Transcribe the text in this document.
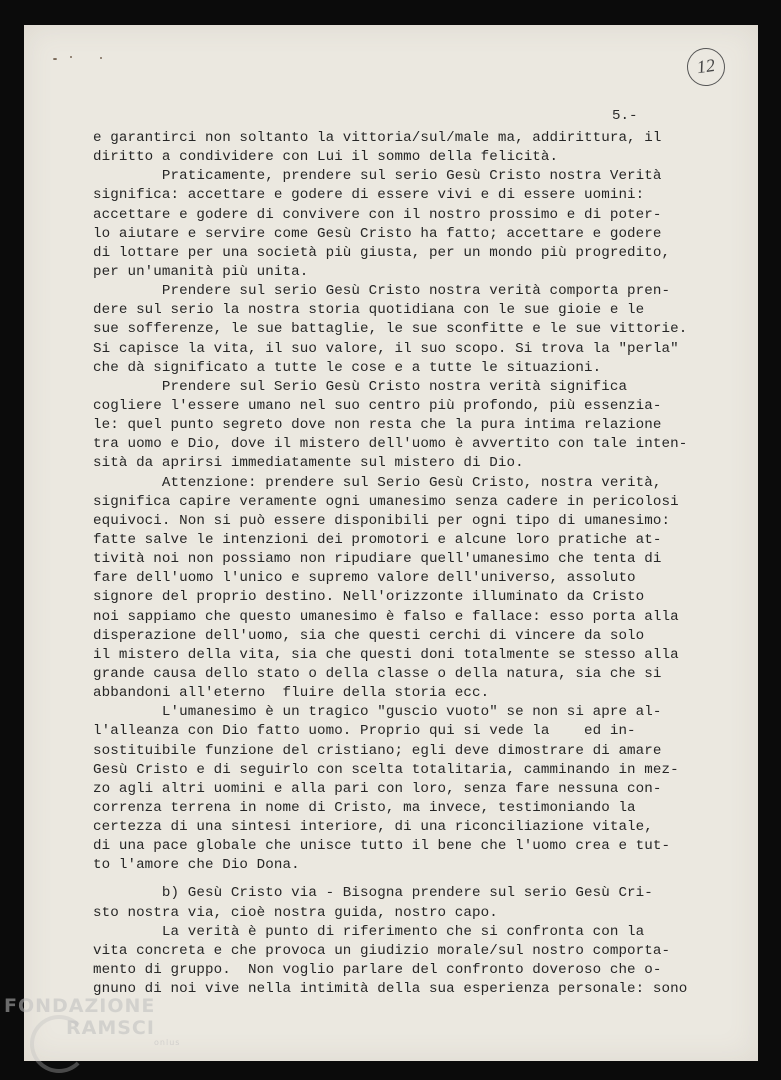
12
5.-
e garantirci non soltanto la vittoria/sul/male ma, addirittura, il
diritto a condividere con Lui il sommo della felicità.
Praticamente, prendere sul serio Gesù Cristo nostra Verità
significa: accettare e godere di essere vivi e di essere uomini:
accettare e godere di convivere con il nostro prossimo e di poter-
lo aiutare e servire come Gesù Cristo ha fatto; accettare e godere
di lottare per una società più giusta, per un mondo più progredito,
per un'umanità più unita.
Prendere sul serio Gesù Cristo nostra verità comporta pren-
dere sul serio la nostra storia quotidiana con le sue gioie e le
sue sofferenze, le sue battaglie, le sue sconfitte e le sue vittorie.
Si capisce la vita, il suo valore, il suo scopo. Si trova la "perla"
che dà significato a tutte le cose e a tutte le situazioni.
Prendere sul Serio Gesù Cristo nostra verità significa
cogliere l'essere umano nel suo centro più profondo, più essenzia-
le: quel punto segreto dove non resta che la pura intima relazione
tra uomo e Dio, dove il mistero dell'uomo è avvertito con tale inten-
sità da aprirsi immediatamente sul mistero di Dio.
Attenzione: prendere sul Serio Gesù Cristo, nostra verità,
significa capire veramente ogni umanesimo senza cadere in pericolosi
equivoci. Non si può essere disponibili per ogni tipo di umanesimo:
fatte salve le intenzioni dei promotori e alcune loro pratiche at-
tività noi non possiamo non ripudiare quell'umanesimo che tenta di
fare dell'uomo l'unico e supremo valore dell'universo, assoluto
signore del proprio destino. Nell'orizzonte illuminato da Cristo
noi sappiamo che questo umanesimo è falso e fallace: esso porta alla
disperazione dell'uomo, sia che questi cerchi di vincere da solo
il mistero della vita, sia che questi doni totalmente se stesso alla
grande causa dello stato o della classe o della natura, sia che si
abbandoni all'eterno  fluire della storia ecc.
L'umanesimo è un tragico "guscio vuoto" se non si apre al-
l'alleanza con Dio fatto uomo. Proprio qui si vede la    ed in-
sostituibile funzione del cristiano; egli deve dimostrare di amare
Gesù Cristo e di seguirlo con scelta totalitaria, camminando in mez-
zo agli altri uomini e alla pari con loro, senza fare nessuna con-
correnza terrena in nome di Cristo, ma invece, testimoniando la
certezza di una sintesi interiore, di una riconciliazione vitale,
di una pace globale che unisce tutto il bene che l'uomo crea e tut-
to l'amore che Dio Dona.
b) Gesù Cristo via - Bisogna prendere sul serio Gesù Cri-
sto nostra via, cioè nostra guida, nostro capo.
La verità è punto di riferimento che si confronta con la
vita concreta e che provoca un giudizio morale/sul nostro comporta-
mento di gruppo.  Non voglio parlare del confronto doveroso che o-
gnuno di noi vive nella intimità della sua esperienza personale: sono
FONDAZIONE
RAMSCI
onlus
